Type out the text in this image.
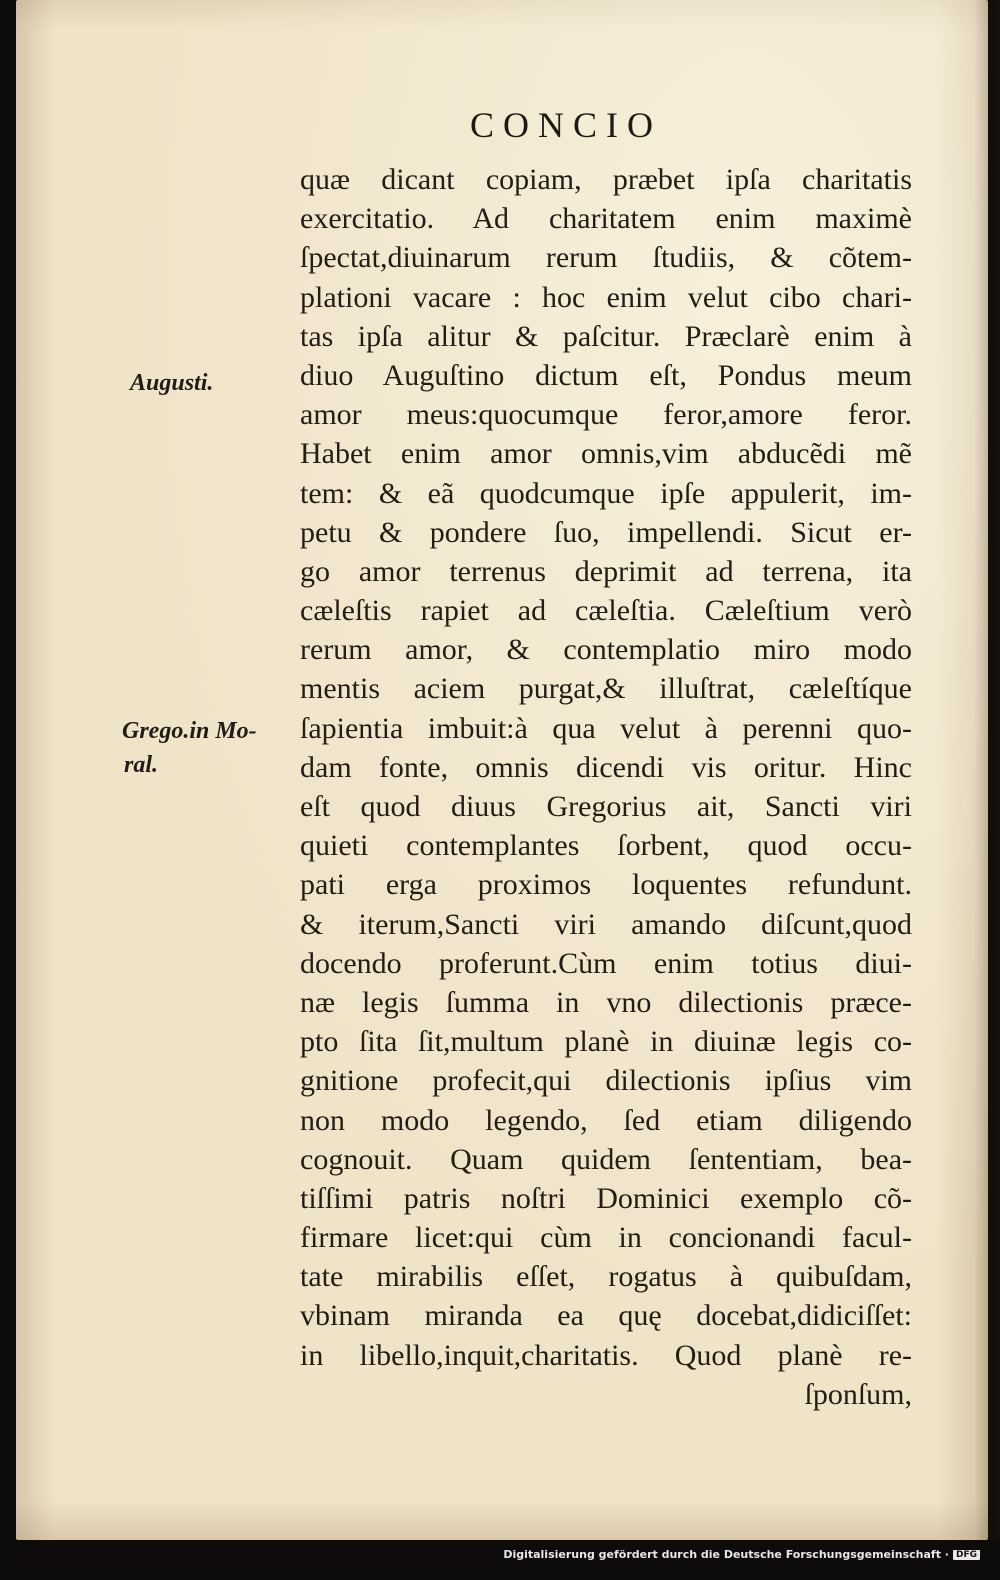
CONCIO
Augusti.
Grego.in Mo-
ral.
quæ dicant copiam, præbet ipſa charitatis
exercitatio. Ad charitatem enim maximè
ſpectat,diuinarum rerum ſtudiis, & cõtem-
plationi vacare : hoc enim velut cibo chari-
tas ipſa alitur & paſcitur. Præclarè enim à
diuo Auguſtino dictum eſt, Pondus meum
amor meus:quocumque feror,amore feror.
Habet enim amor omnis,vim abducẽdi mẽ
tem: & eã quodcumque ipſe appulerit, im-
petu & pondere ſuo, impellendi. Sicut er-
go amor terrenus deprimit ad terrena, ita
cæleſtis rapiet ad cæleſtia. Cæleſtium verò
rerum amor, & contemplatio miro modo
mentis aciem purgat,& illuſtrat, cæleſtíque
ſapientia imbuit:à qua velut à perenni quo-
dam fonte, omnis dicendi vis oritur. Hinc
eſt quod diuus Gregorius ait, Sancti viri
quieti contemplantes ſorbent, quod occu-
pati erga proximos loquentes refundunt.
& iterum,Sancti viri amando diſcunt,quod
docendo proferunt.Cùm enim totius diui-
næ legis ſumma in vno dilectionis præce-
pto ſita ſit,multum planè in diuinæ legis co-
gnitione profecit,qui dilectionis ipſius vim
non modo legendo, ſed etiam diligendo
cognouit. Quam quidem ſententiam, bea-
tiſſimi patris noſtri Dominici exemplo cõ-
firmare licet:qui cùm in concionandi facul-
tate mirabilis eſſet, rogatus à quibuſdam,
vbinam miranda ea quę docebat,didiciſſet:
in libello,inquit,charitatis. Quod planè re-
ſponſum,
Digitalisierung gefördert durch die Deutsche Forschungsgemeinschaft · DFG
